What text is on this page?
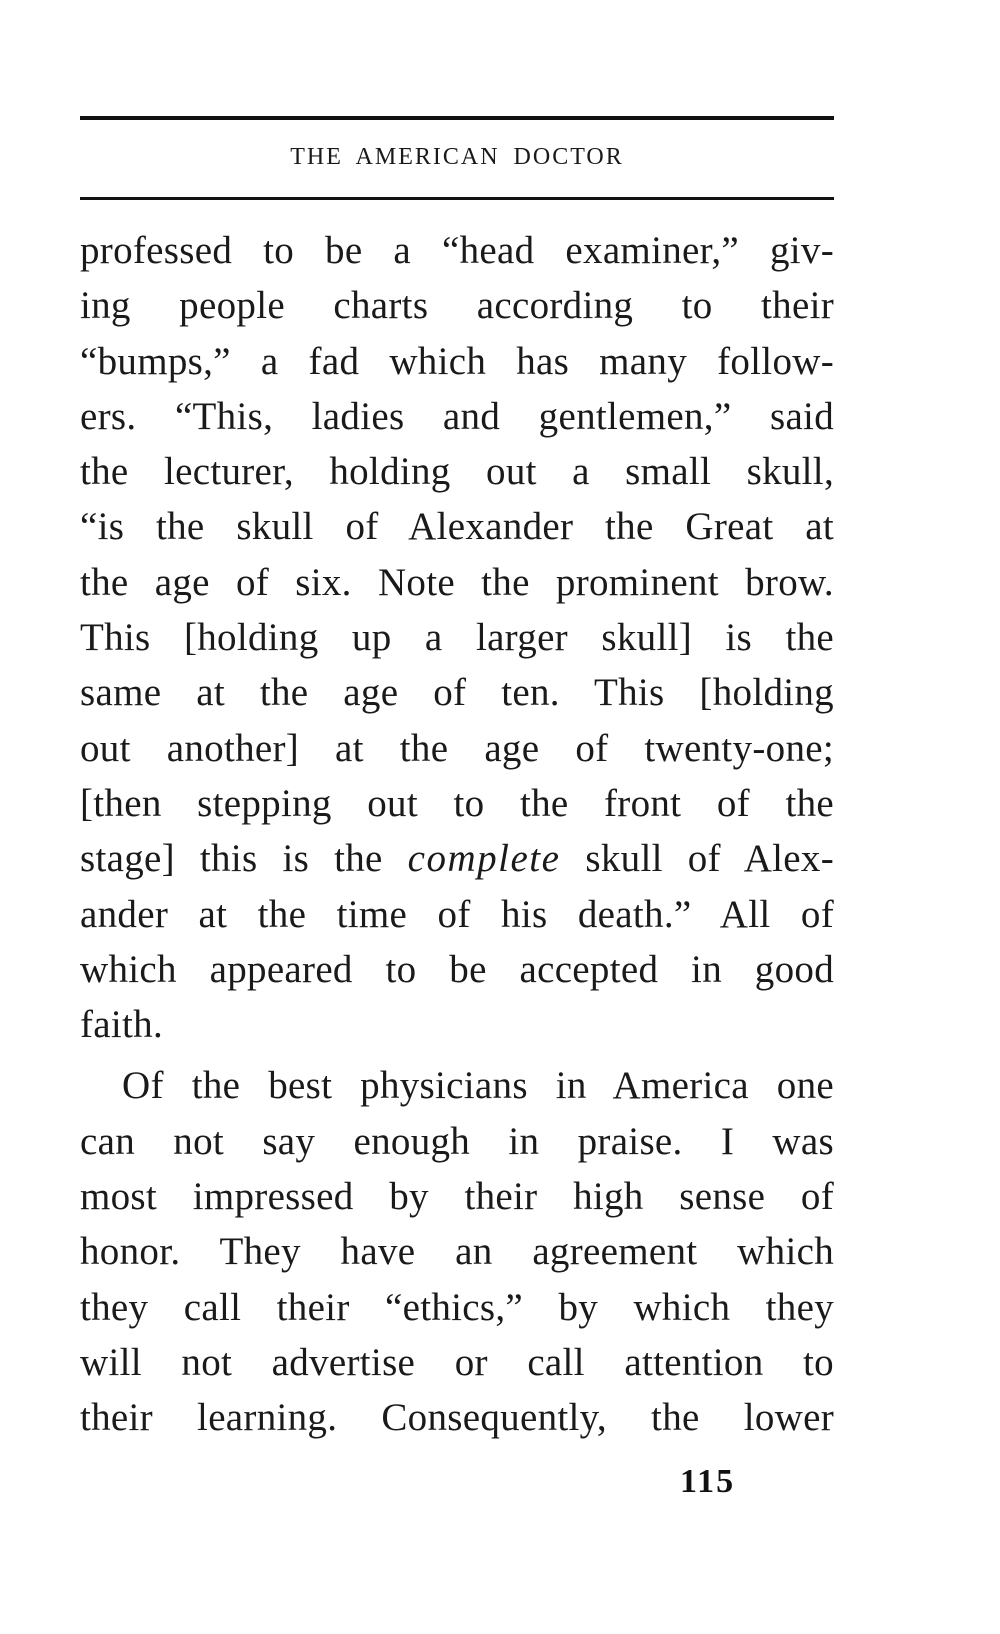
THE AMERICAN DOCTOR
professed to be a “head examiner,” giv-
ing people charts according to their
“bumps,” a fad which has many follow-
ers. “This, ladies and gentlemen,” said
the lecturer, holding out a small skull,
“is the skull of Alexander the Great at
the age of six. Note the prominent brow.
This [holding up a larger skull] is the
same at the age of ten. This [holding
out another] at the age of twenty-one;
[then stepping out to the front of the
stage] this is the complete skull of Alex-
ander at the time of his death.” All of
which appeared to be accepted in good
faith.
Of the best physicians in America one
can not say enough in praise. I was
most impressed by their high sense of
honor. They have an agreement which
they call their “ethics,” by which they
will not advertise or call attention to
their learning. Consequently, the lower
115
